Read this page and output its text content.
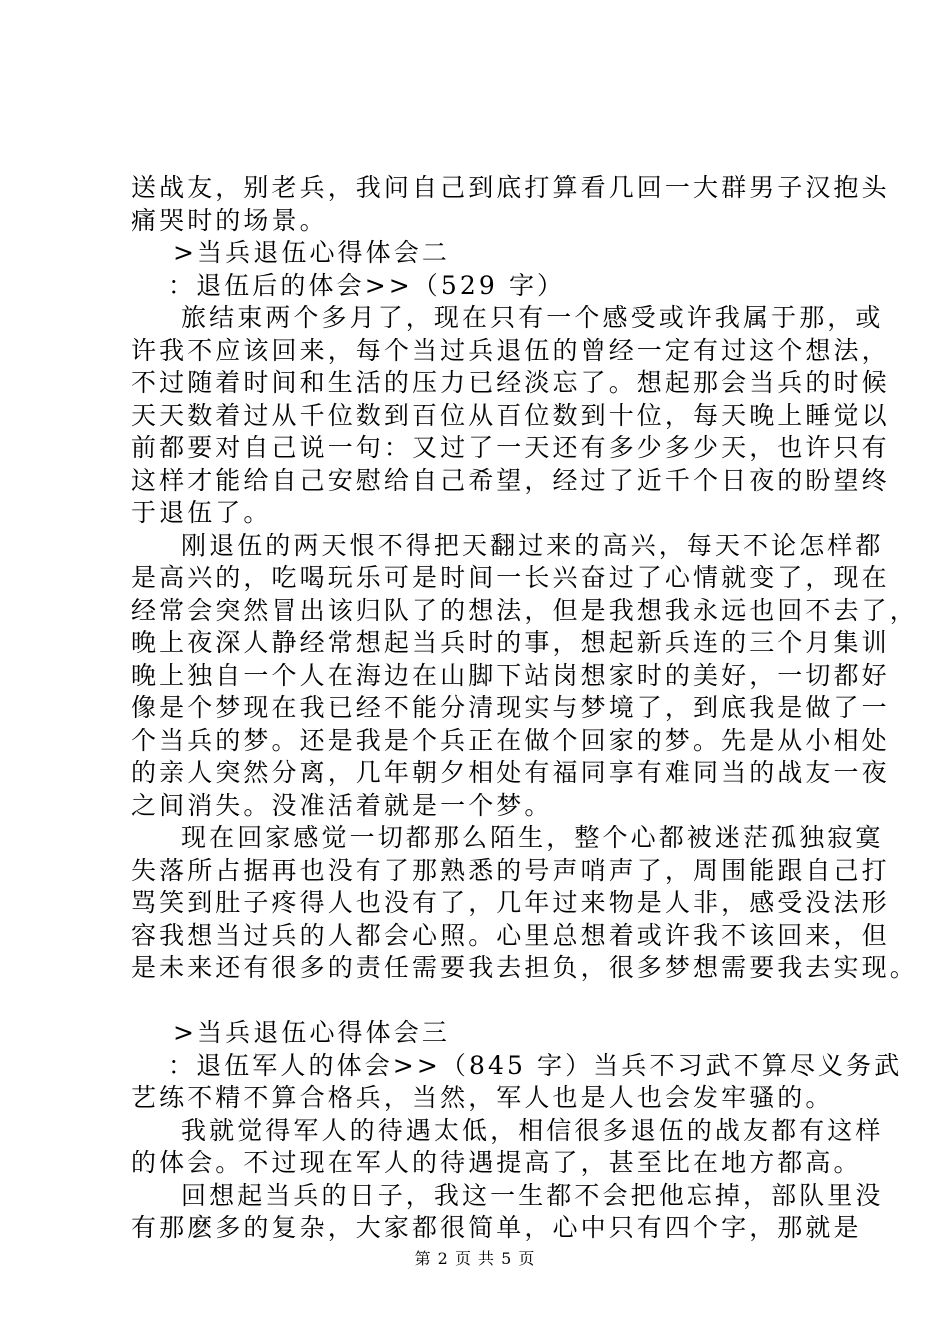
送战友，别老兵，我问自己到底打算看几回一大群男子汉抱头
痛哭时的场景。
>当兵退伍心得体会二
：退伍后的体会>>（529 字）
旅结束两个多月了，现在只有一个感受或许我属于那，或
许我不应该回来，每个当过兵退伍的曾经一定有过这个想法，
不过随着时间和生活的压力已经淡忘了。想起那会当兵的时候
天天数着过从千位数到百位从百位数到十位，每天晚上睡觉以
前都要对自己说一句：又过了一天还有多少多少天，也许只有
这样才能给自己安慰给自己希望，经过了近千个日夜的盼望终
于退伍了。
刚退伍的两天恨不得把天翻过来的高兴，每天不论怎样都
是高兴的，吃喝玩乐可是时间一长兴奋过了心情就变了，现在
经常会突然冒出该归队了的想法，但是我想我永远也回不去了，
晚上夜深人静经常想起当兵时的事，想起新兵连的三个月集训
晚上独自一个人在海边在山脚下站岗想家时的美好，一切都好
像是个梦现在我已经不能分清现实与梦境了，到底我是做了一
个当兵的梦。还是我是个兵正在做个回家的梦。先是从小相处
的亲人突然分离，几年朝夕相处有福同享有难同当的战友一夜
之间消失。没准活着就是一个梦。
现在回家感觉一切都那么陌生，整个心都被迷茫孤独寂寞
失落所占据再也没有了那熟悉的号声哨声了，周围能跟自己打
骂笑到肚子疼得人也没有了，几年过来物是人非，感受没法形
容我想当过兵的人都会心照。心里总想着或许我不该回来，但
是未来还有很多的责任需要我去担负，很多梦想需要我去实现。
>当兵退伍心得体会三
：退伍军人的体会>>（845 字）当兵不习武不算尽义务武
艺练不精不算合格兵，当然，军人也是人也会发牢骚的。
我就觉得军人的待遇太低，相信很多退伍的战友都有这样
的体会。不过现在军人的待遇提高了，甚至比在地方都高。
回想起当兵的日子，我这一生都不会把他忘掉，部队里没
有那麽多的复杂，大家都很简单，心中只有四个字，那就是
第 2 页 共 5 页
